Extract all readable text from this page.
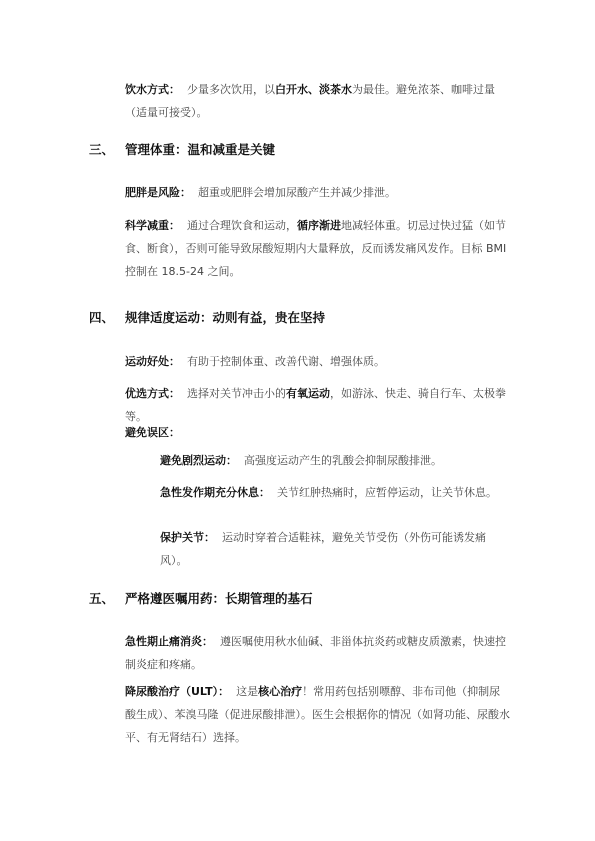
饮水方式： 少量多次饮用，以白开水、淡茶水为最佳。避免浓茶、咖啡过量（适量可接受）。

三、 管理体重：温和减重是关键

肥胖是风险： 超重或肥胖会增加尿酸产生并减少排泄。

科学减重： 通过合理饮食和运动，循序渐进地减轻体重。切忌过快过猛（如节食、断食），否则可能导致尿酸短期内大量释放，反而诱发痛风发作。目标 BMI 控制在 18.5-24 之间。

四、 规律适度运动：动则有益，贵在坚持

运动好处： 有助于控制体重、改善代谢、增强体质。

优选方式： 选择对关节冲击小的有氧运动，如游泳、快走、骑自行车、太极拳等。

避免误区：

避免剧烈运动： 高强度运动产生的乳酸会抑制尿酸排泄。

急性发作期充分休息： 关节红肿热痛时，应暂停运动，让关节休息。

保护关节： 运动时穿着合适鞋袜，避免关节受伤（外伤可能诱发痛风）。

五、 严格遵医嘱用药：长期管理的基石

急性期止痛消炎： 遵医嘱使用秋水仙碱、非甾体抗炎药或糖皮质激素，快速控制炎症和疼痛。

降尿酸治疗（ULT）： 这是核心治疗！常用药包括别嘌醇、非布司他（抑制尿酸生成）、苯溴马隆（促进尿酸排泄）。医生会根据你的情况（如肾功能、尿酸水平、有无肾结石）选择。
